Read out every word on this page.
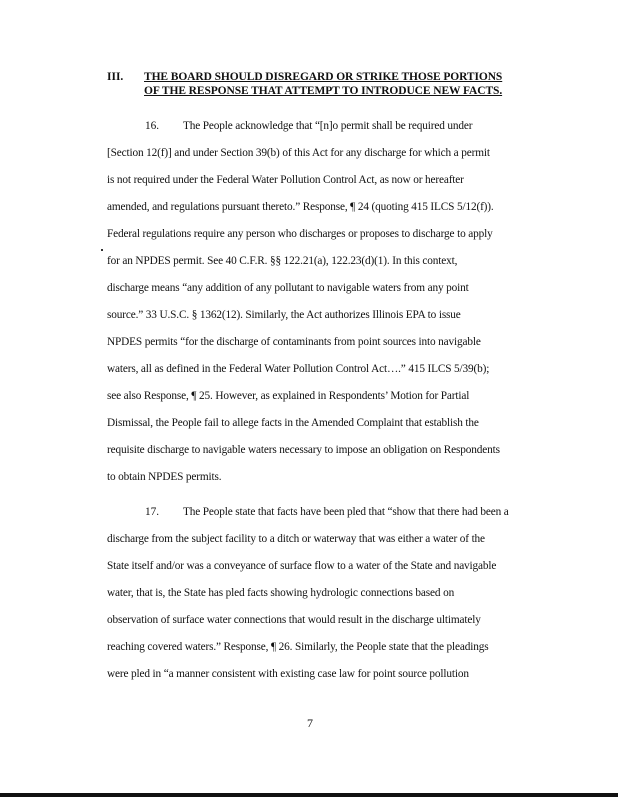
III. THE BOARD SHOULD DISREGARD OR STRIKE THOSE PORTIONS
OF THE RESPONSE THAT ATTEMPT TO INTRODUCE NEW FACTS.
16. The People acknowledge that “[n]o permit shall be required under
[Section 12(f)] and under Section 39(b) of this Act for any discharge for which a permit
is not required under the Federal Water Pollution Control Act, as now or hereafter
amended, and regulations pursuant thereto.” Response, ¶ 24 (quoting 415 ILCS 5/12(f)).
Federal regulations require any person who discharges or proposes to discharge to apply
for an NPDES permit. See 40 C.F.R. §§ 122.21(a), 122.23(d)(1). In this context,
discharge means “any addition of any pollutant to navigable waters from any point
source.” 33 U.S.C. § 1362(12). Similarly, the Act authorizes Illinois EPA to issue
NPDES permits “for the discharge of contaminants from point sources into navigable
waters, all as defined in the Federal Water Pollution Control Act….” 415 ILCS 5/39(b);
see also Response, ¶ 25. However, as explained in Respondents’ Motion for Partial
Dismissal, the People fail to allege facts in the Amended Complaint that establish the
requisite discharge to navigable waters necessary to impose an obligation on Respondents
to obtain NPDES permits.
17. The People state that facts have been pled that “show that there had been a
discharge from the subject facility to a ditch or waterway that was either a water of the
State itself and/or was a conveyance of surface flow to a water of the State and navigable
water, that is, the State has pled facts showing hydrologic connections based on
observation of surface water connections that would result in the discharge ultimately
reaching covered waters.” Response, ¶ 26. Similarly, the People state that the pleadings
were pled in “a manner consistent with existing case law for point source pollution
7
